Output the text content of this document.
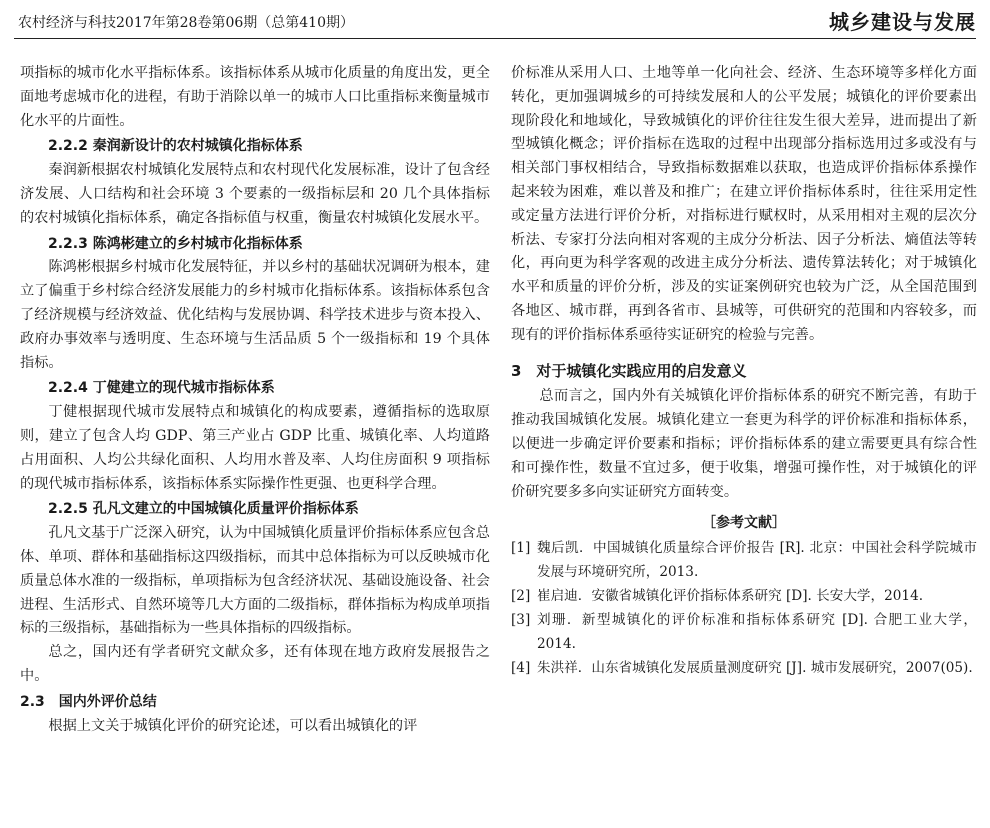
农村经济与科技2017年第28卷第06期（总第410期）	城乡建设与发展

项指标的城市化水平指标体系。该指标体系从城市化质量的角度出发，更全面地考虑城市化的进程，有助于消除以单一的城市人口比重指标来衡量城市化水平的片面性。

2.2.2 秦润新设计的农村城镇化指标体系

秦润新根据农村城镇化发展特点和农村现代化发展标准，设计了包含经济发展、人口结构和社会环境 3 个要素的一级指标层和 20 几个具体指标的农村城镇化指标体系，确定各指标值与权重，衡量农村城镇化发展水平。

2.2.3 陈鸿彬建立的乡村城市化指标体系

陈鸿彬根据乡村城市化发展特征，并以乡村的基础状况调研为根本，建立了偏重于乡村综合经济发展能力的乡村城市化指标体系。该指标体系包含了经济规模与经济效益、优化结构与发展协调、科学技术进步与资本投入、政府办事效率与透明度、生态环境与生活品质 5 个一级指标和 19 个具体指标。

2.2.4 丁健建立的现代城市指标体系

丁健根据现代城市发展特点和城镇化的构成要素，遵循指标的选取原则，建立了包含人均 GDP、第三产业占 GDP 比重、城镇化率、人均道路占用面积、人均公共绿化面积、人均用水普及率、人均住房面积 9 项指标的现代城市指标体系，该指标体系实际操作性更强、也更科学合理。

2.2.5 孔凡文建立的中国城镇化质量评价指标体系

孔凡文基于广泛深入研究，认为中国城镇化质量评价指标体系应包含总体、单项、群体和基础指标这四级指标，而其中总体指标为可以反映城市化质量总体水准的一级指标，单项指标为包含经济状况、基础设施设备、社会进程、生活形式、自然环境等几大方面的二级指标，群体指标为构成单项指标的三级指标，基础指标为一些具体指标的四级指标。

总之，国内还有学者研究文献众多，还有体现在地方政府发展报告之中。

2.3　国内外评价总结

根据上文关于城镇化评价的研究论述，可以看出城镇化的评

价标准从采用人口、土地等单一化向社会、经济、生态环境等多样化方面转化，更加强调城乡的可持续发展和人的公平发展；城镇化的评价要素出现阶段化和地域化，导致城镇化的评价往往发生很大差异，进而提出了新型城镇化概念；评价指标在选取的过程中出现部分指标选用过多或没有与相关部门事权相结合，导致指标数据难以获取，也造成评价指标体系操作起来较为困难，难以普及和推广；在建立评价指标体系时，往往采用定性或定量方法进行评价分析，对指标进行赋权时，从采用相对主观的层次分析法、专家打分法向相对客观的主成分分析法、因子分析法、熵值法等转化，再向更为科学客观的改进主成分分析法、遗传算法转化；对于城镇化水平和质量的评价分析，涉及的实证案例研究也较为广泛，从全国范围到各地区、城市群，再到各省市、县城等，可供研究的范围和内容较多，而现有的评价指标体系亟待实证研究的检验与完善。

3　对于城镇化实践应用的启发意义

总而言之，国内外有关城镇化评价指标体系的研究不断完善，有助于推动我国城镇化发展。城镇化建立一套更为科学的评价标准和指标体系，以便进一步确定评价要素和指标；评价指标体系的建立需要更具有综合性和可操作性，数量不宜过多，便于收集，增强可操作性，对于城镇化的评价研究要多多向实证研究方面转变。

［参考文献］

[1] 魏后凯．中国城镇化质量综合评价报告 [R]. 北京：中国社会科学院城市发展与环境研究所，2013.
[2] 崔启迪．安徽省城镇化评价指标体系研究 [D]. 长安大学，2014.
[3] 刘珊．新型城镇化的评价标准和指标体系研究 [D]. 合肥工业大学，2014.
[4] 朱洪祥．山东省城镇化发展质量测度研究 [J]. 城市发展研究，2007(05).
